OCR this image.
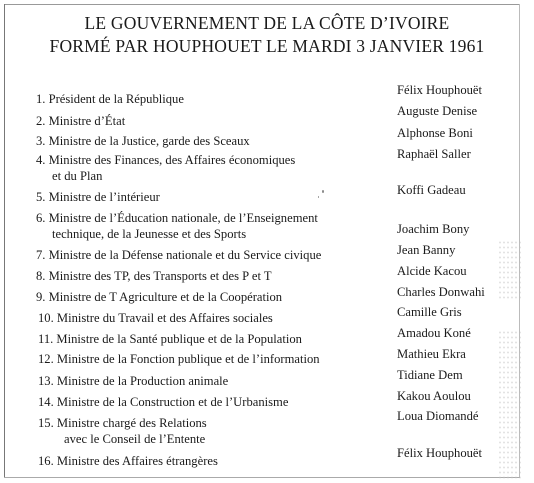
LE GOUVERNEMENT DE LA CÔTE D’IVOIRE
FORMÉ PAR HOUPHOUET LE MARDI 3 JANVIER 1961
1. Président de la République
2. Ministre d’État
3. Ministre de la Justice, garde des Sceaux
4. Ministre des Finances, des Affaires économiques
et du Plan
5. Ministre de l’intérieur
6. Ministre de l’Éducation nationale, de l’Enseignement
technique, de la Jeunesse et des Sports
7. Ministre de la Défense nationale et du Service civique
8. Ministre des TP, des Transports et des P et T
9. Ministre de T Agriculture et de la Coopération
10. Ministre du Travail et des Affaires sociales
11. Ministre de la Santé publique et de la Population
12. Ministre de la Fonction publique et de l’information
13. Ministre de la Production animale
14. Ministre de la Construction et de l’Urbanisme
15. Ministre chargé des Relations
avec le Conseil de l’Entente
16. Ministre des Affaires étrangères
Félix Houphouët
Auguste Denise
Alphonse Boni
Raphaël Saller
Koffi Gadeau
Joachim Bony
Jean Banny
Alcide Kacou
Charles Donwahi
Camille Gris
Amadou Koné
Mathieu Ekra
Tidiane Dem
Kakou Aoulou
Loua Diomandé
Félix Houphouët
